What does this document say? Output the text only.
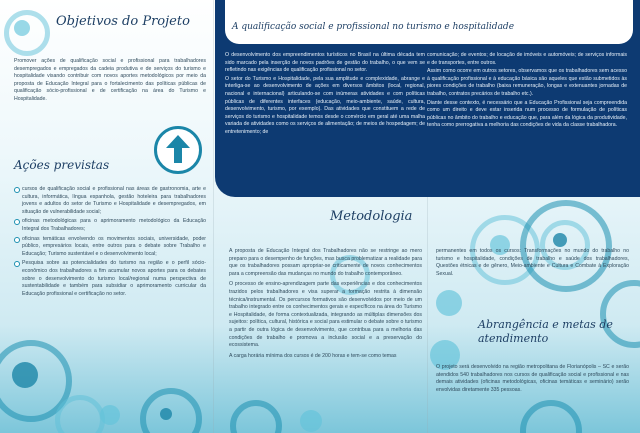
Objetivos do Projeto

Promover ações de qualificação social e profissional para trabalhadores desempregados e empregados da cadeia produtiva e de serviços do turismo e hospitalidade visando contribuir com novos aportes metodológicos por meio da proposta de Educação Integral para o fortalecimento das políticas públicas de qualificação sócio-profissional e de certificação na área do Turismo e Hospitalidade.

Ações previstas
cursos de qualificação social e profissional nas áreas de gastronomia, arte e cultura, informática, língua espanhola, gestão hoteleira para trabalhadores jovens e adultos do setor de Turismo e Hospitalidade e desempregados, em situação de vulnerabilidade social;
oficinas metodológicas para o aprimoramento metodológico da Educação Integral dos Trabalhadores;
oficinas temáticas envolvendo os movimentos sociais, universidade, poder público, empresários locais, entre outros para o debate sobre Trabalho e Educação; Turismo sustentável e o desenvolvimento local;
Pesquisa sobre as potencialidades do turismo na região e o perfil sócio-econômico dos trabalhadores a fim acumular novos aportes para os debates sobre o desenvolvimento do turismo local/regional numa perspectiva de sustentabilidade e também para subsidiar o aprimoramento curricular da Educação profissional e certificação no setor.

O desenvolvimento dos empreendimentos turísticos no Brasil na última década tem sido marcado pela inserção de novos padrões de gestão do trabalho, o que vem se refletindo nas exigências de qualificação profissional no setor.

O setor do Turismo e Hospitalidade, pela sua amplitude e complexidade, abrange e interliga-se ao desenvolvimento de ações em diversos âmbitos (local, regional, nacional e internacional) articulando-se com inúmeras atividades e com políticas públicas de diferentes interfaces (educação, meio-ambiente, saúde, cultura, desenvolvimento, turismo, por exemplo). Das atividades que constituem a rede de serviços do turismo e hospitalidade temos desde o comércio em geral até uma malha variada de atividades como os serviços de alimentação; de meios de hospedagem; de entretenimento; de

comunicação; de eventos; de locação de imóveis e automóveis; de serviços informais e de transportes, entre outros.

Assim como ocorre em outros setores, observamos que os trabalhadores sem acesso à qualificação profissional e à educação básica são aqueles que estão submetidos às piores condições de trabalho (baixa remuneração, longas e extenuantes jornadas de trabalho, contratos precários de trabalho etc.).

Diante desse contexto, é necessário que a Educação Profissional seja compreendida como um direito e deve estar inserida num processo de formulação de políticas públicas no âmbito do trabalho e educação que, para além da lógica da produtividade, tenha como prerrogativa a melhoria das condições de vida da classe trabalhadora.

A qualificação social e profissional no turismo e hospitalidade
Metodologia

A proposta de Educação Integral dos Trabalhadores não se restringe ao mero preparo para o desempenho de funções, mas busca problematizar a realidade para que os trabalhadores possam apropriar-se criticamente de novos conhecimentos para a compreensão das mudanças no mundo do trabalho contemporâneo.

O processo de ensino-aprendizagem parte das experiências e dos conhecimentos trazidos pelos trabalhadores e visa superar a formação restrita à dimensão técnica/instrumental. Os percursos formativos são desenvolvidos por meio de um trabalho integrado entre os conhecimentos gerais e específicos na área do Turismo e Hospitalidade, de forma contextualizada, integrando as múltiplas dimensões dos sujeitos: política, cultural, histórica e social para estimular o debate sobre o turismo a partir de outra lógica de desenvolvimento, que contribua para a melhoria das condições de trabalho e promova a inclusão social e a preservação do ecossistema.

A carga horária mínima dos cursos é de 200 horas e tem-se como temas

permanentes em todos os cursos: Transformações no mundo do trabalho no turismo e hospitalidade, condições de trabalho e saúde dos trabalhadores, Questões étnicas e de gênero, Meio-ambiente e Cultura e Combate à Exploração Sexual.

Abrangência e metas de atendimento

O projeto será desenvolvido na região metropolitana de Florianópolis – SC e serão atendidos 540 trabalhadores nos cursos de qualificação social e profissional e nas demais atividades (oficinas metodológicas, oficinas temáticas e seminário) serão envolvidas diretamente 335 pessoas.
